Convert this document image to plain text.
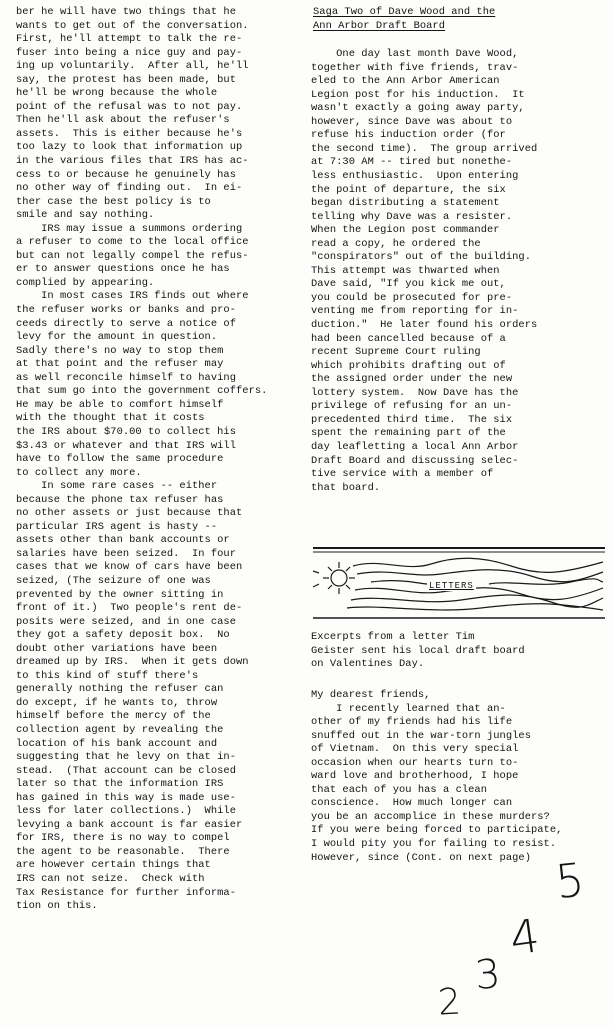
ber he will have two things that he
wants to get out of the conversation.
First, he'll attempt to talk the re-
fuser into being a nice guy and pay-
ing up voluntarily.  After all, he'll
say, the protest has been made, but
he'll be wrong because the whole
point of the refusal was to not pay.
Then he'll ask about the refuser's
assets.  This is either because he's
too lazy to look that information up
in the various files that IRS has ac-
cess to or because he genuinely has
no other way of finding out.  In ei-
ther case the best policy is to
smile and say nothing.
IRS may issue a summons ordering
a refuser to come to the local office
but can not legally compel the refus-
er to answer questions once he has
complied by appearing.
In most cases IRS finds out where
the refuser works or banks and pro-
ceeds directly to serve a notice of
levy for the amount in question.
Sadly there's no way to stop them
at that point and the refuser may
as well reconcile himself to having
that sum go into the government coffers.
He may be able to comfort himself
with the thought that it costs
the IRS about $70.00 to collect his
$3.43 or whatever and that IRS will
have to follow the same procedure
to collect any more.
In some rare cases -- either
because the phone tax refuser has
no other assets or just because that
particular IRS agent is hasty --
assets other than bank accounts or
salaries have been seized.  In four
cases that we know of cars have been
seized, (The seizure of one was
prevented by the owner sitting in
front of it.)  Two people's rent de-
posits were seized, and in one case
they got a safety deposit box.  No
doubt other variations have been
dreamed up by IRS.  When it gets down
to this kind of stuff there's
generally nothing the refuser can
do except, if he wants to, throw
himself before the mercy of the
collection agent by revealing the
location of his bank account and
suggesting that he levy on that in-
stead.  (That account can be closed
later so that the information IRS
has gained in this way is made use-
less for later collections.)  While
levying a bank account is far easier
for IRS, there is no way to compel
the agent to be reasonable.  There
are however certain things that
IRS can not seize.  Check with
Tax Resistance for further informa-
tion on this.
Saga Two of Dave Wood and the
Ann Arbor Draft Board
One day last month Dave Wood,
together with five friends, trav-
eled to the Ann Arbor American
Legion post for his induction.  It
wasn't exactly a going away party,
however, since Dave was about to
refuse his induction order (for
the second time).  The group arrived
at 7:30 AM -- tired but nonethe-
less enthusiastic.  Upon entering
the point of departure, the six
began distributing a statement
telling why Dave was a resister.
When the Legion post commander
read a copy, he ordered the
"conspirators" out of the building.
This attempt was thwarted when
Dave said, "If you kick me out,
you could be prosecuted for pre-
venting me from reporting for in-
duction."  He later found his orders
had been cancelled because of a
recent Supreme Court ruling
which prohibits drafting out of
the assigned order under the new
lottery system.  Now Dave has the
privilege of refusing for an un-
precedented third time.  The six
spent the remaining part of the
day leafletting a local Ann Arbor
Draft Board and discussing selec-
tive service with a member of
that board.
LETTERS
Excerpts from a letter Tim
Geister sent his local draft board
on Valentines Day.
My dearest friends,
I recently learned that an-
other of my friends had his life
snuffed out in the war-torn jungles
of Vietnam.  On this very special
occasion when our hearts turn to-
ward love and brotherhood, I hope
that each of you has a clean
conscience.  How much longer can
you be an accomplice in these murders?
If you were being forced to participate,
I would pity you for failing to resist.
However, since (Cont. on next page) 5
4
3
2
